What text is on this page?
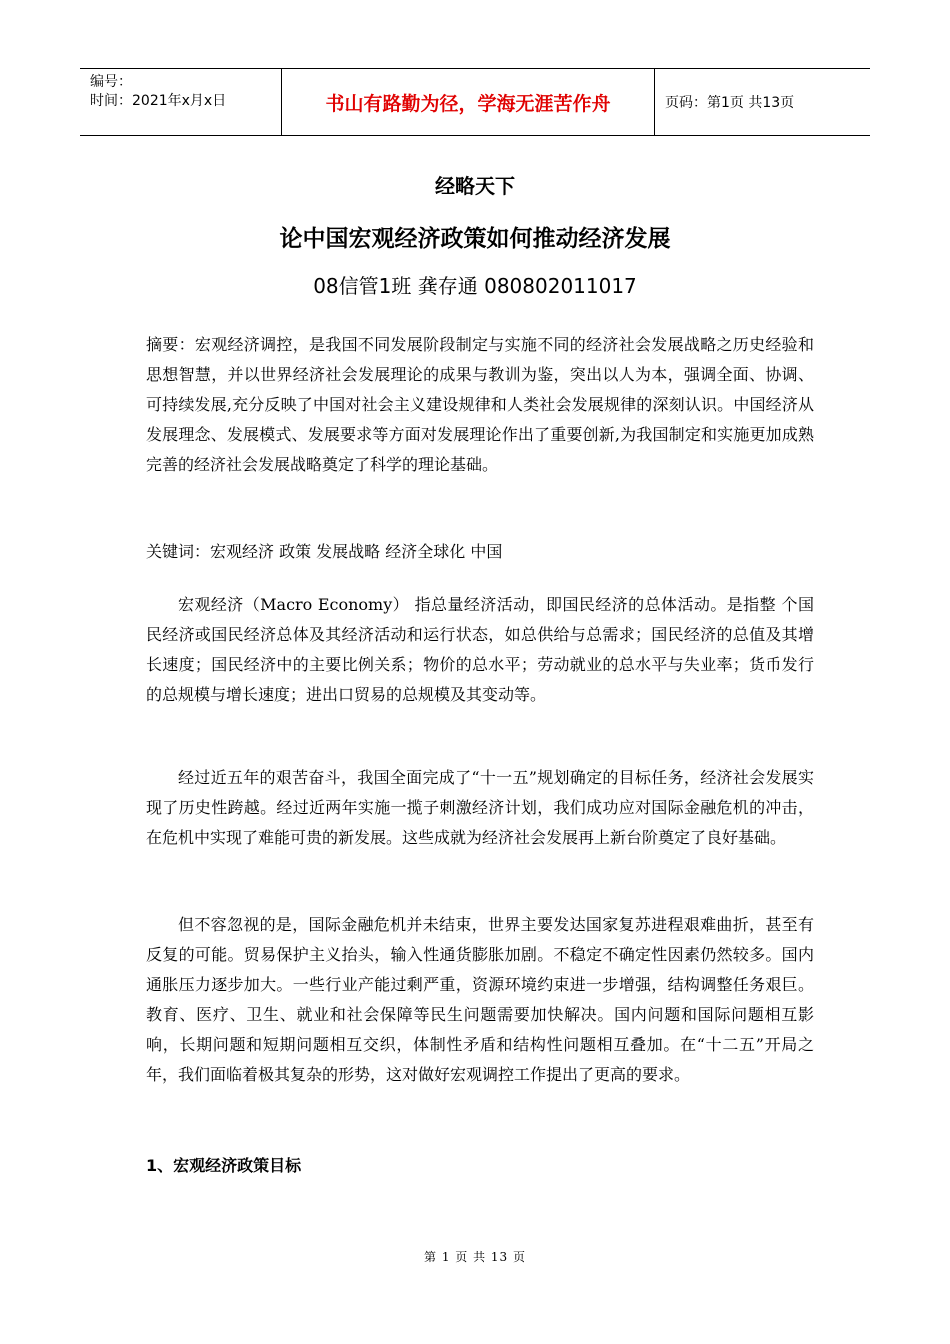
编号：
时间：2021年x月x日	书山有路勤为径，学海无涯苦作舟	页码：第1页 共13页
经略天下
论中国宏观经济政策如何推动经济发展
08信管1班 龚存通 080802011017

摘要：宏观经济调控，是我国不同发展阶段制定与实施不同的经济社会发展战略之历史经验和思想智慧，并以世界经济社会发展理论的成果与教训为鉴，突出以人为本，强调全面、协调、可持续发展,充分反映了中国对社会主义建设规律和人类社会发展规律的深刻认识。中国经济从发展理念、发展模式、发展要求等方面对发展理论作出了重要创新,为我国制定和实施更加成熟完善的经济社会发展战略奠定了科学的理论基础。

关键词：宏观经济 政策 发展战略 经济全球化 中国

宏观经济（Macro Economy） 指总量经济活动，即国民经济的总体活动。是指整 个国民经济或国民经济总体及其经济活动和运行状态，如总供给与总需求；国民经济的总值及其增长速度；国民经济中的主要比例关系；物价的总水平；劳动就业的总水平与失业率；货币发行的总规模与增长速度；进出口贸易的总规模及其变动等。

经过近五年的艰苦奋斗，我国全面完成了“十一五”规划确定的目标任务，经济社会发展实现了历史性跨越。经过近两年实施一揽子刺激经济计划，我们成功应对国际金融危机的冲击，在危机中实现了难能可贵的新发展。这些成就为经济社会发展再上新台阶奠定了良好基础。

但不容忽视的是，国际金融危机并未结束，世界主要发达国家复苏进程艰难曲折，甚至有反复的可能。贸易保护主义抬头，输入性通货膨胀加剧。不稳定不确定性因素仍然较多。国内通胀压力逐步加大。一些行业产能过剩严重，资源环境约束进一步增强，结构调整任务艰巨。教育、医疗、卫生、就业和社会保障等民生问题需要加快解决。国内问题和国际问题相互影响，长期问题和短期问题相互交织，体制性矛盾和结构性问题相互叠加。在“十二五”开局之年，我们面临着极其复杂的形势，这对做好宏观调控工作提出了更高的要求。

1、宏观经济政策目标
第 1 页 共 13 页
